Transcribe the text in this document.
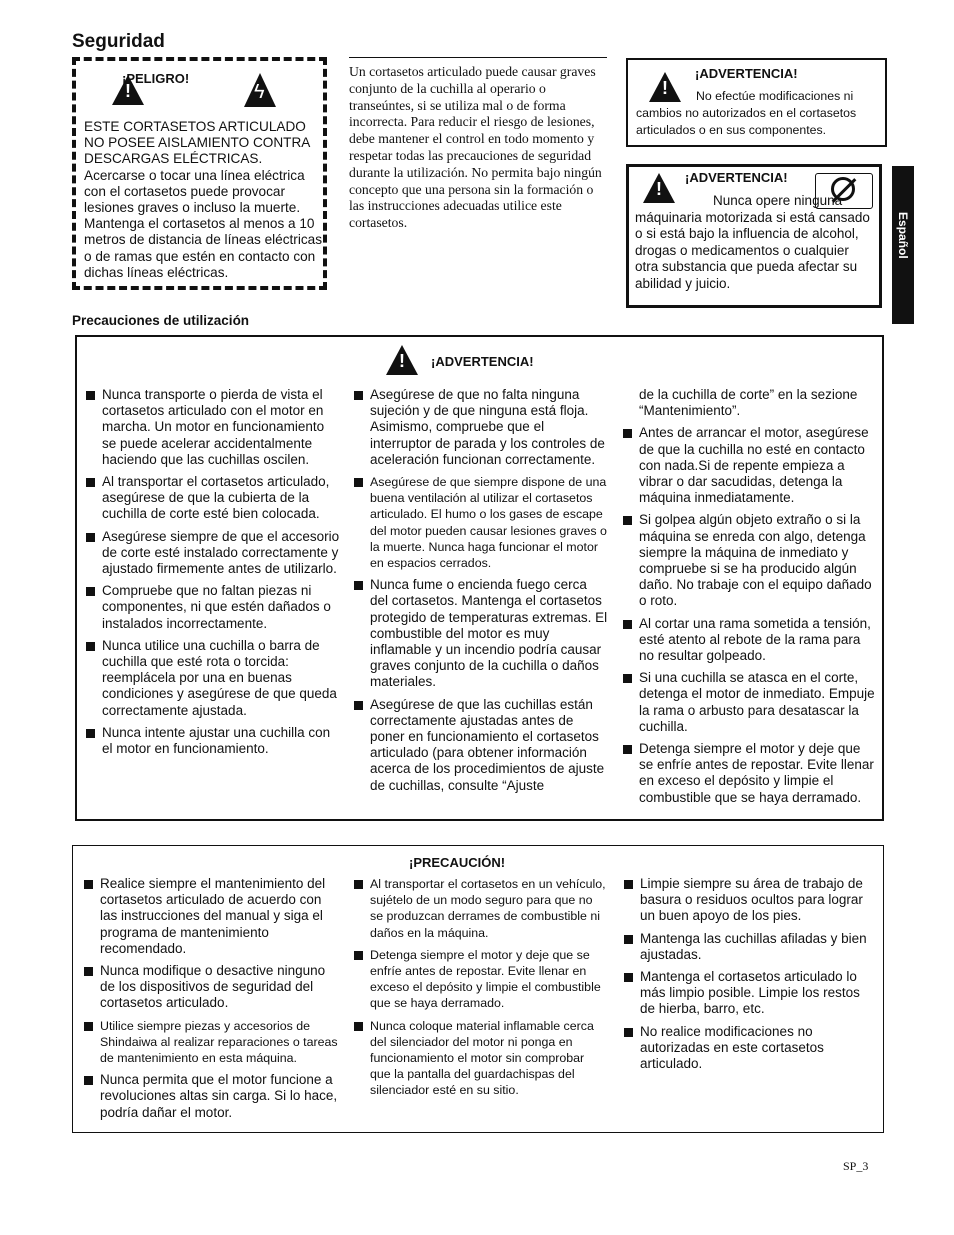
Seguridad
!
¡PELIGRO!
ϟ
ESTE CORTASETOS ARTICULADO NO POSEE AISLAMIENTO CONTRA DESCARGAS ELÉCTRICAS. Acercarse o tocar una línea eléctrica con el cortasetos puede provocar lesiones graves o incluso la muerte. Mantenga el cortasetos al menos a 10 metros de distancia de líneas eléctricas o de ramas que estén en contacto con dichas líneas eléctricas.
Un cortasetos articulado puede causar graves conjunto de la cuchilla al operario o transeúntes, si se utiliza mal o de forma incorrecta. Para reducir el riesgo de lesiones, debe mantener el control en todo momento y respetar todas las precauciones de seguridad durante la utilización. No permita bajo ningún concepto que una persona sin la formación o las instrucciones adecuadas utilice este cortasetos.
!
¡ADVERTENCIA!
No efectúe modificaciones ni cambios no autorizados en el cortasetos articulados o en sus componentes.
!
¡ADVERTENCIA!
Nunca opere ninguna máquinaria motorizada si está cansado o si está bajo la influencia de alcohol, drogas o medicamentos o cualquier otra substancia que pueda afectar su abilidad y juicio.
Español
Precauciones de utilización
!
¡ADVERTENCIA!
Nunca transporte o pierda de vista el cortasetos articulado con el motor en marcha. Un motor en funcionamiento se puede acelerar accidentalmente haciendo que las cuchillas oscilen.
Al transportar el cortasetos articulado, asegúrese de que la cubierta de la cuchilla de corte esté bien colocada.
Asegúrese siempre de que el accesorio de corte esté instalado correctamente y ajustado firmemente antes de utilizarlo.
Compruebe que no faltan piezas ni componentes, ni que estén dañados o instalados incorrectamente.
Nunca utilice una cuchilla o barra de cuchilla que esté rota o torcida: reemplácela por una en buenas condiciones y asegúrese de que queda correctamente ajustada.
Nunca intente ajustar una cuchilla con el motor en funcionamiento.
Asegúrese de que no falta ninguna sujeción y de que ninguna está floja. Asimismo, compruebe que el interruptor de parada y los controles de aceleración funcionan correctamente.
Asegúrese de que siempre dispone de una buena ventilación al utilizar el cortasetos articulado. El humo o los gases de escape del motor pueden causar lesiones graves o la muerte. Nunca haga funcionar el motor en espacios cerrados.
Nunca fume o encienda fuego cerca del cortasetos. Mantenga el cortasetos protegido de temperaturas extremas. El combustible del motor es muy inflamable y un incendio podría causar graves conjunto de la cuchilla o daños materiales.
Asegúrese de que las cuchillas están correctamente ajustadas antes de poner en funcionamiento el cortasetos articulado (para obtener información acerca de los procedimientos de ajuste de cuchillas, consulte “Ajuste
de la cuchilla de corte” en la sezione “Mantenimiento”.
Antes de arrancar el motor, asegúrese de que la cuchilla no esté en contacto con nada.Si de repente empieza a vibrar o dar sacudidas, detenga la máquina inmediatamente.
Si golpea algún objeto extraño o si la máquina se enreda con algo, detenga siempre la máquina de inmediato y compruebe si se ha producido algún daño. No trabaje con el equipo dañado o roto.
Al cortar una rama sometida a tensión, esté atento al rebote de la rama para no resultar golpeado.
Si una cuchilla se atasca en el corte, detenga el motor de inmediato. Empuje la rama o arbusto para desatascar la cuchilla.
Detenga siempre el motor y deje que se enfríe antes de repostar. Evite llenar en exceso el depósito y limpie el combustible que se haya derramado.
¡PRECAUCIÓN!
Realice siempre el mantenimiento del cortasetos articulado de acuerdo con las instrucciones del manual y siga el programa de mantenimiento recomendado.
Nunca modifique o desactive ninguno de los dispositivos de seguridad del cortasetos articulado.
Utilice siempre piezas y accesorios de Shindaiwa al realizar reparaciones o tareas de mantenimiento en esta máquina.
Nunca permita que el motor funcione a revoluciones altas sin carga. Si lo hace, podría dañar el motor.
Al transportar el cortasetos en un vehículo, sujételo de un modo seguro para que no se produzcan derrames de combustible ni daños en la máquina.
Detenga siempre el motor y deje que se enfríe antes de repostar. Evite llenar en exceso el depósito y limpie el combustible que se haya derramado.
Nunca coloque material inflamable cerca del silenciador del motor ni ponga en funcionamiento el motor sin comprobar que la pantalla del guardachispas del silenciador esté en su sitio.
Limpie siempre su área de trabajo de basura o residuos ocultos para lograr un buen apoyo de los pies.
Mantenga las cuchillas afiladas y bien ajustadas.
Mantenga el cortasetos articulado lo más limpio posible. Limpie los restos de hierba, barro, etc.
No realice modificaciones no autorizadas en este cortasetos articulado.
SP_3
